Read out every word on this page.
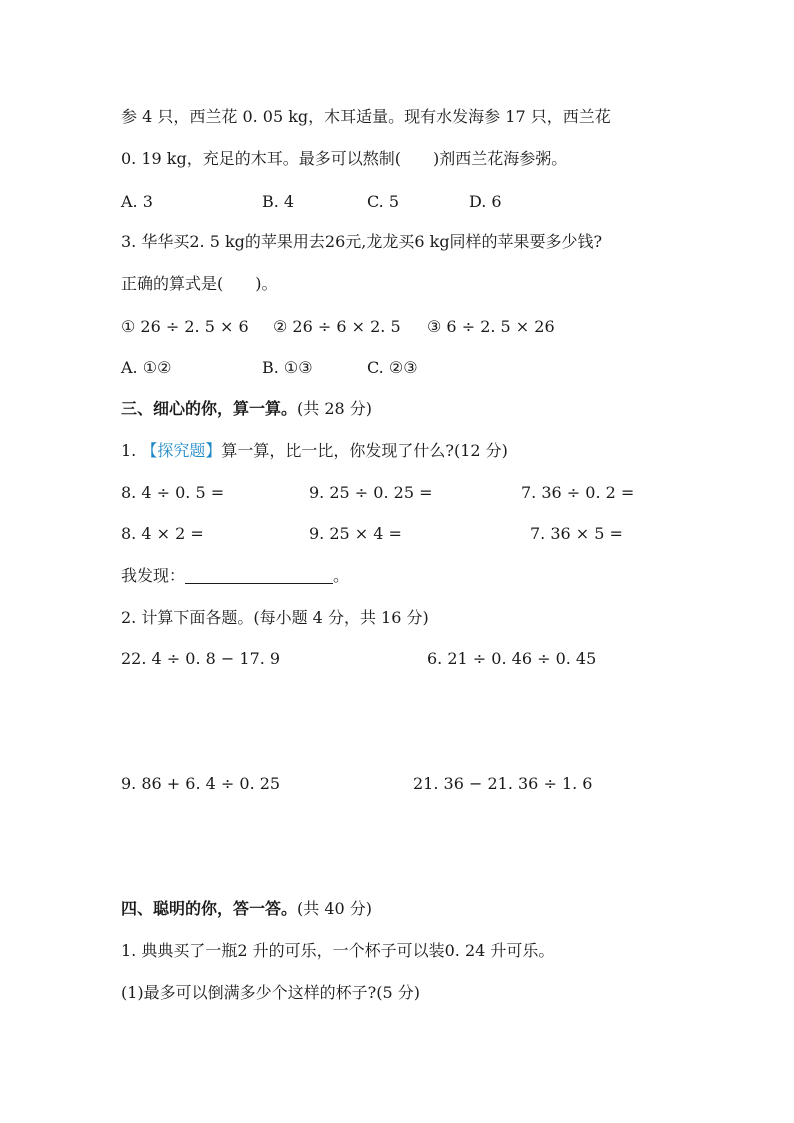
参 4 只，西兰花 0. 05 kg，木耳适量。现有水发海参 17 只，西兰花
0. 19 kg，充足的木耳。最多可以熬制(　　)剂西兰花海参粥。
A. 3	B. 4	C. 5	D. 6
3. 华华买2. 5 kg的苹果用去26元,龙龙买6 kg同样的苹果要多少钱?
正确的算式是(　　)。
① 26 ÷ 2. 5 × 6 ② 26 ÷ 6 × 2. 5 ③ 6 ÷ 2. 5 × 26
A. ①②	B. ①③	C. ②③
三、细心的你，算一算。(共 28 分)
1. 【探究题】算一算，比一比，你发现了什么?(12 分)
8. 4 ÷ 0. 5 =	9. 25 ÷ 0. 25 =	7. 36 ÷ 0. 2 =
8. 4 × 2 =	9. 25 × 4 =	7. 36 × 5 =
我发现：	。
2. 计算下面各题。(每小题 4 分，共 16 分)
22. 4 ÷ 0. 8 − 17. 9	6. 21 ÷ 0. 46 ÷ 0. 45
9. 86 + 6. 4 ÷ 0. 25	21. 36 − 21. 36 ÷ 1. 6
四、聪明的你，答一答。(共 40 分)
1. 典典买了一瓶2 升的可乐，一个杯子可以装0. 24 升可乐。
(1)最多可以倒满多少个这样的杯子?(5 分)
